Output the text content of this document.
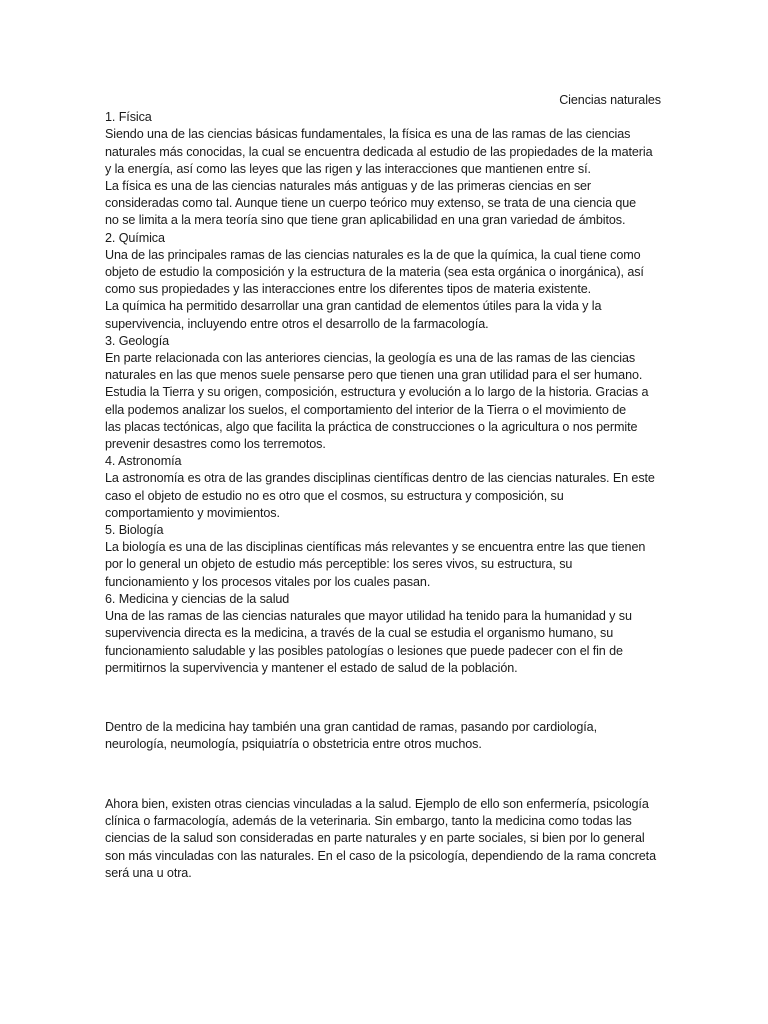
Ciencias naturales

1. Física

Siendo una de las ciencias básicas fundamentales, la física es una de las ramas de las ciencias

naturales más conocidas, la cual se encuentra dedicada al estudio de las propiedades de la materia

y la energía, así como las leyes que las rigen y las interacciones que mantienen entre sí.

La física es una de las ciencias naturales más antiguas y de las primeras ciencias en ser

consideradas como tal. Aunque tiene un cuerpo teórico muy extenso, se trata de una ciencia que

no se limita a la mera teoría sino que tiene gran aplicabilidad en una gran variedad de ámbitos.

2. Química

Una de las principales ramas de las ciencias naturales es la de que la química, la cual tiene como

objeto de estudio la composición y la estructura de la materia (sea esta orgánica o inorgánica), así

como sus propiedades y las interacciones entre los diferentes tipos de materia existente.

La química ha permitido desarrollar una gran cantidad de elementos útiles para la vida y la

supervivencia, incluyendo entre otros el desarrollo de la farmacología.

3. Geología

En parte relacionada con las anteriores ciencias, la geología es una de las ramas de las ciencias

naturales en las que menos suele pensarse pero que tienen una gran utilidad para el ser humano.

Estudia la Tierra y su origen, composición, estructura y evolución a lo largo de la historia. Gracias a

ella podemos analizar los suelos, el comportamiento del interior de la Tierra o el movimiento de

las placas tectónicas, algo que facilita la práctica de construcciones o la agricultura o nos permite

prevenir desastres como los terremotos.

4. Astronomía

La astronomía es otra de las grandes disciplinas científicas dentro de las ciencias naturales. En este

caso el objeto de estudio no es otro que el cosmos, su estructura y composición, su

comportamiento y movimientos.

5. Biología

La biología es una de las disciplinas científicas más relevantes y se encuentra entre las que tienen

por lo general un objeto de estudio más perceptible: los seres vivos, su estructura, su

funcionamiento y los procesos vitales por los cuales pasan.

6. Medicina y ciencias de la salud

Una de las ramas de las ciencias naturales que mayor utilidad ha tenido para la humanidad y su

supervivencia directa es la medicina, a través de la cual se estudia el organismo humano, su

funcionamiento saludable y las posibles patologías o lesiones que puede padecer con el fin de

permitirnos la supervivencia y mantener el estado de salud de la población.

Dentro de la medicina hay también una gran cantidad de ramas, pasando por cardiología,

neurología, neumología, psiquiatría o obstetricia entre otros muchos.

Ahora bien, existen otras ciencias vinculadas a la salud. Ejemplo de ello son enfermería, psicología

clínica o farmacología, además de la veterinaria. Sin embargo, tanto la medicina como todas las

ciencias de la salud son consideradas en parte naturales y en parte sociales, si bien por lo general

son más vinculadas con las naturales. En el caso de la psicología, dependiendo de la rama concreta

será una u otra.
